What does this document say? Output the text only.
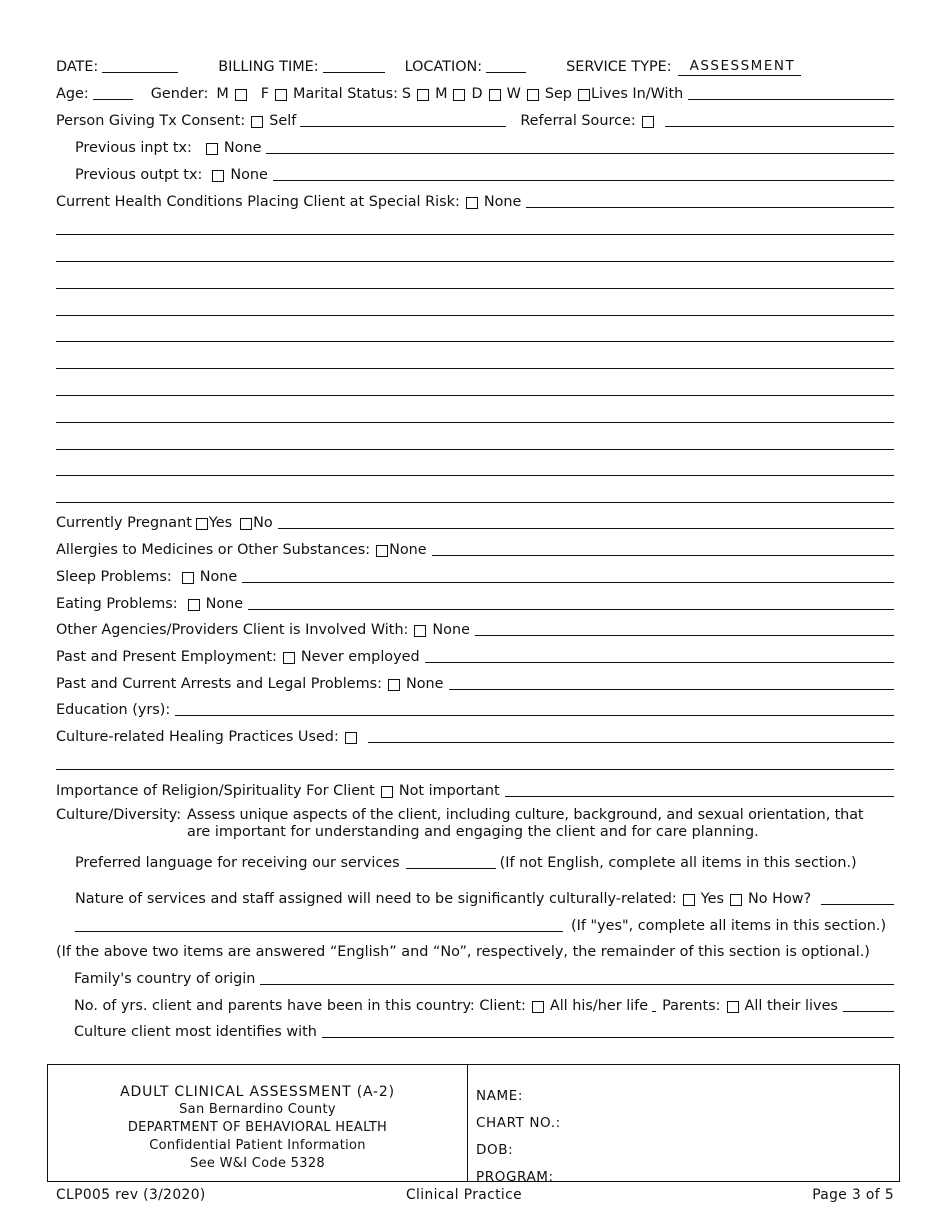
DATE:	BILLING TIME:	LOCATION:	SERVICE TYPE:	ASSESSMENT
Age:	Gender: M F Marital Status: S M D W Sep Lives In/With
Person Giving Tx Consent: Self	Referral Source:
Previous inpt tx: None
Previous outpt tx: None
Current Health Conditions Placing Client at Special Risk: None
Currently Pregnant Yes No
Allergies to Medicines or Other Substances: None
Sleep Problems: None
Eating Problems: None
Other Agencies/Providers Client is Involved With: None
Past and Present Employment: Never employed
Past and Current Arrests and Legal Problems: None
Education (yrs):
Culture-related Healing Practices Used:
Importance of Religion/Spirituality For Client Not important
Culture/Diversity: Assess unique aspects of the client, including culture, background, and sexual orientation, that
are important for understanding and engaging the client and for care planning.
Preferred language for receiving our services	(If not English, complete all items in this section.)
Nature of services and staff assigned will need to be significantly culturally-related: Yes No How?
(If "yes", complete all items in this section.)
(If the above two items are answered “English” and “No”, respectively, the remainder of this section is optional.)
Family's country of origin
No. of yrs. client and parents have been in this country: Client: All his/her life Parents: All their lives
Culture client most identifies with
ADULT CLINICAL ASSESSMENT (A-2)
San Bernardino County
DEPARTMENT OF BEHAVIORAL HEALTH
Confidential Patient Information
See W&I Code 5328
NAME:
CHART NO.:
DOB:
PROGRAM:
CLP005 rev (3/2020)	Clinical Practice	Page 3 of 5
